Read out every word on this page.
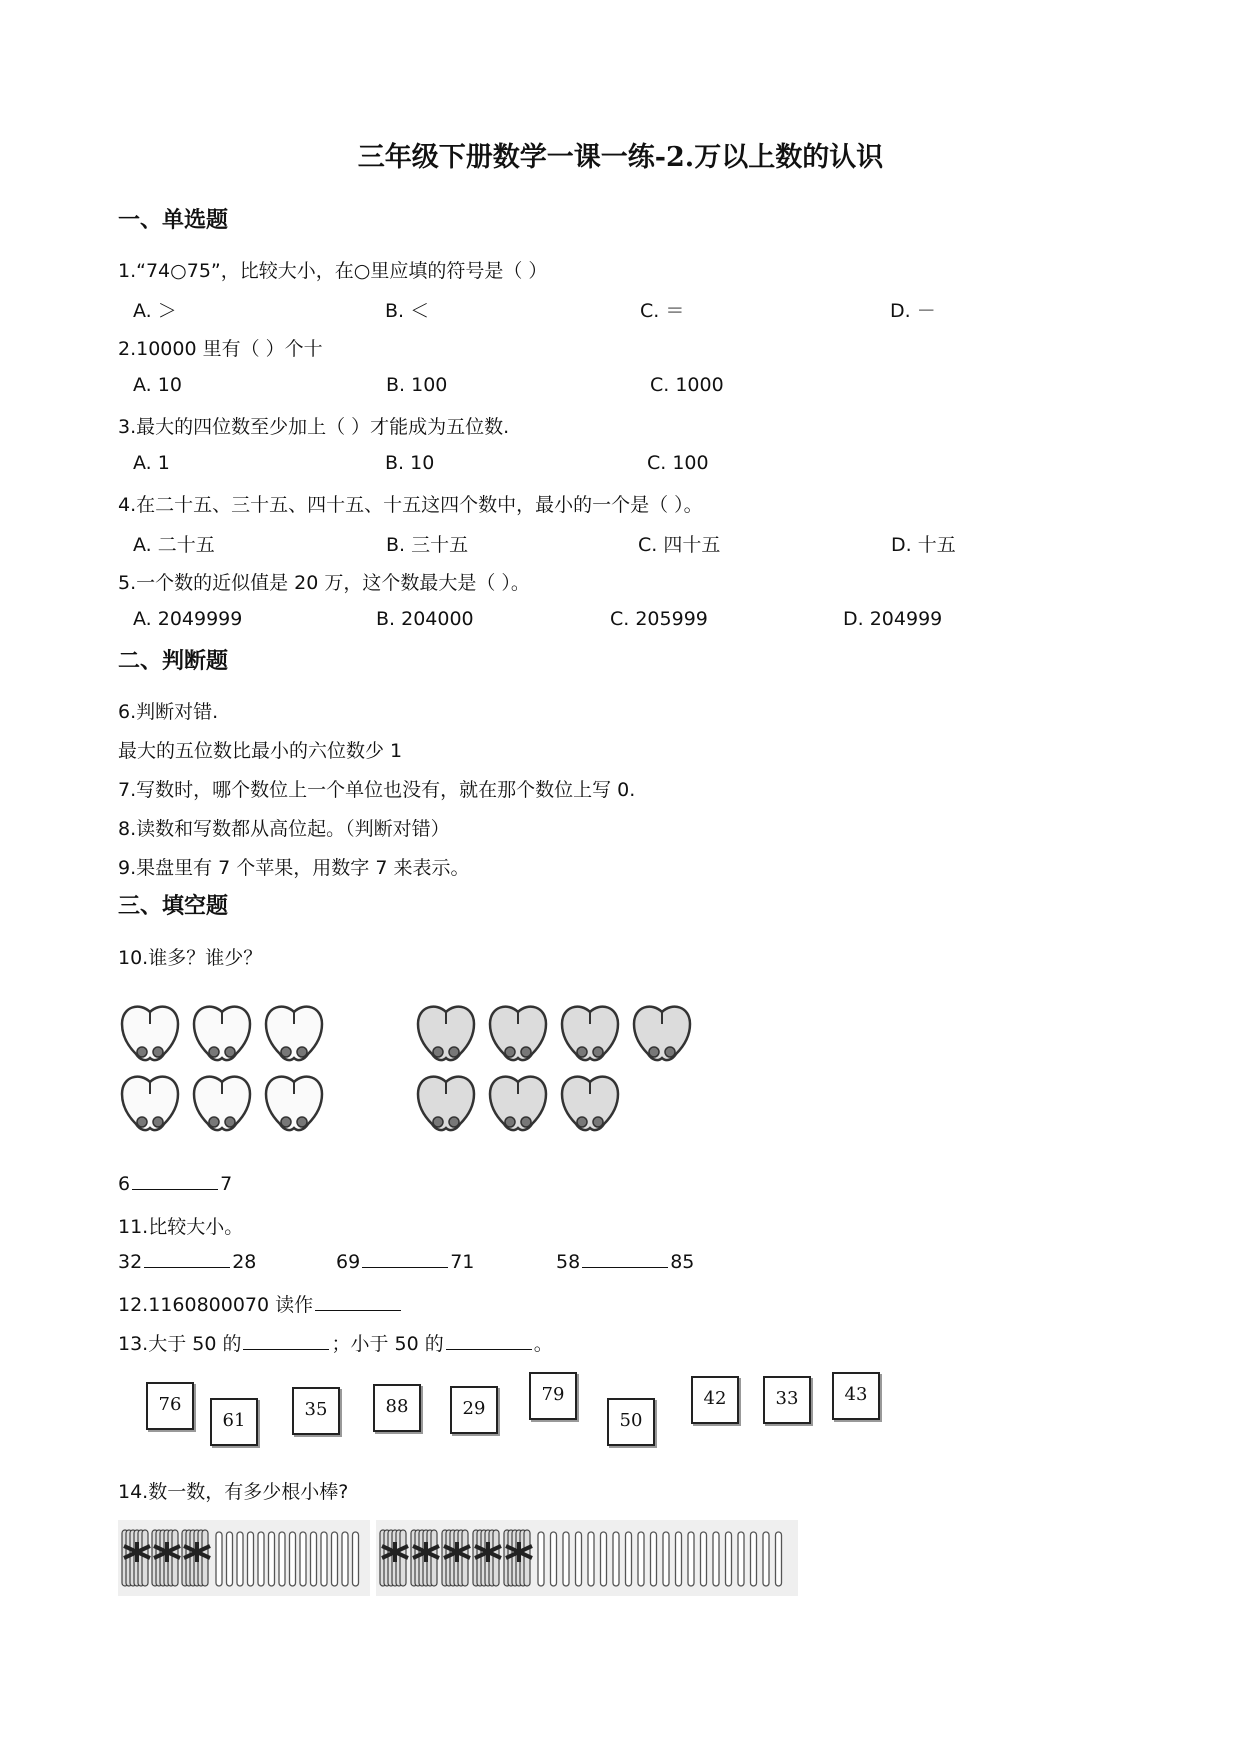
三年级下册数学一课一练-2.万以上数的认识
一、单选题
1.“74○75”，比较大小，在○里应填的符号是（ ）
A. ＞	B. ＜	C. ＝	D. －
2.10000 里有（ ）个十
A. 10	B. 100	C. 1000
3.最大的四位数至少加上（ ）才能成为五位数.
A. 1	B. 10	C. 100
4.在二十五、三十五、四十五、十五这四个数中，最小的一个是（ ）。
A. 二十五	B. 三十五	C. 四十五	D. 十五
5.一个数的近似值是 20 万，这个数最大是（ ）。
A. 2049999	B. 204000	C. 205999	D. 204999
二、判断题
6.判断对错.
最大的五位数比最小的六位数少 1
7.写数时，哪个数位上一个单位也没有，就在那个数位上写 0.
8.读数和写数都从高位起。（判断对错）
9.果盘里有 7 个苹果，用数字 7 来表示。
三、填空题
10.谁多？谁少？
6	7
11.比较大小。
32	28	69	71	58	85
12.1160800070 读作
13.大于 50 的	；小于 50 的	。
76
61
35	88	29
79
50
42	33	43
14.数一数，有多少根小棒?
